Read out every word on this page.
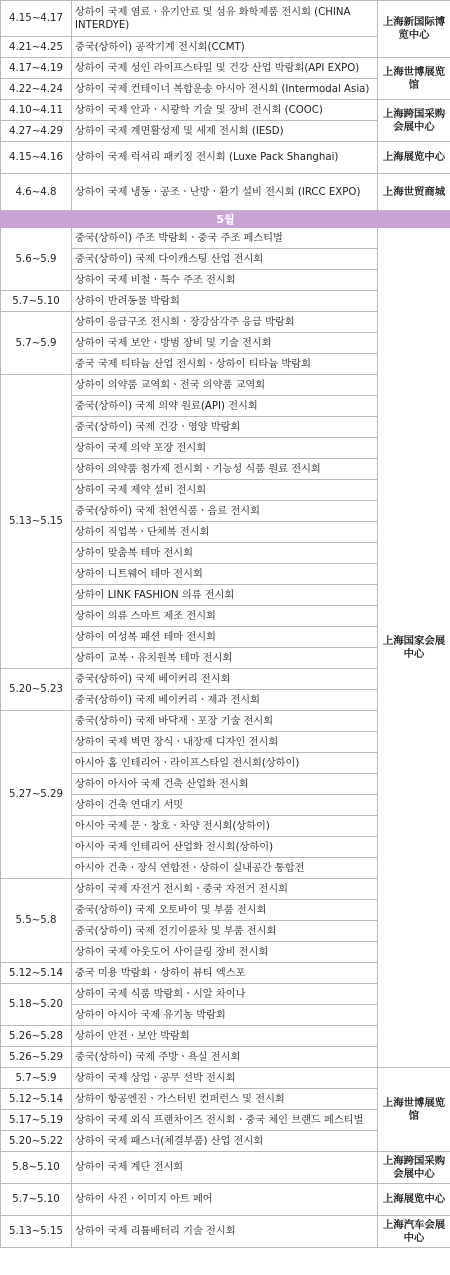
4.15~4.17	상하이 국제 염료ㆍ유기안료 및 섬유 화학제품 전시회 (CHINA INTERDYE)	上海新国际博览中心	
4.21~4.25	중국(상하이) 공작기계 전시회(CCMT)		
4.17~4.19	상하이 국제 성인 라이프스타일 및 건강 산업 박람회(API EXPO)	上海世博展览馆	
4.22~4.24	상하이 국제 컨테이너 복합운송 아시아 전시회 (Intermodal Asia)		
4.10~4.11	상하이 국제 안과ㆍ시광학 기술 및 장비 전시회 (COOC)	上海跨国采购会展中心	
4.27~4.29	상하이 국제 계면활성제 및 세제 전시회 (IESD)		
4.15~4.16	상하이 국제 럭셔리 패키징 전시회 (Luxe Pack Shanghai)	上海展览中心	
4.6~4.8	상하이 국제 냉동ㆍ공조ㆍ난방ㆍ환기 설비 전시회 (IRCC EXPO)	上海世贸商城	
5월			
5.6~5.9	중국(상하이) 주조 박람회ㆍ중국 주조 페스티벌	上海国家会展中心	
	중국(상하이) 국제 다이캐스팅 산업 전시회		
	상하이 국제 비철ㆍ특수 주조 전시회		
5.7~5.10	상하이 반려동물 박람회		
5.7~5.9	상하이 응급구조 전시회ㆍ장강삼각주 응급 박람회		
	상하이 국제 보안ㆍ방범 장비 및 기술 전시회		
	중국 국제 티타늄 산업 전시회ㆍ상하이 티타늄 박람회		
5.13~5.15	상하이 의약품 교역회ㆍ전국 의약품 교역회		
	중국(상하이) 국제 의약 원료(API) 전시회		
	중국(상하이) 국제 건강ㆍ영양 박람회		
	상하이 국제 의약 포장 전시회		
	상하이 의약품 첨가제 전시회ㆍ기능성 식품 원료 전시회		
	상하이 국제 제약 설비 전시회		
	중국(상하이) 국제 천연식품ㆍ음료 전시회		
	상하이 직업복ㆍ단체복 전시회		
	상하이 맞춤복 테마 전시회		
	상하이 니트웨어 테마 전시회		
	상하이 LINK FASHION 의류 전시회		
	상하이 의류 스마트 제조 전시회		
	상하이 여성복 패션 테마 전시회		
	상하이 교복ㆍ유치원복 테마 전시회		
5.20~5.23	중국(상하이) 국제 베이커리 전시회		
	중국(상하이) 국제 베이커리ㆍ제과 전시회		
5.27~5.29	중국(상하이) 국제 바닥재ㆍ포장 기술 전시회		
	상하이 국제 벽면 장식ㆍ내장재 디자인 전시회		
	아시아 홈 인테리어ㆍ라이프스타일 전시회(상하이)		
	상하이 아시아 국제 건축 산업화 전시회		
	상하이 건축 연대기 서밋		
	아시아 국제 문ㆍ창호ㆍ차양 전시회(상하이)		
	아시아 국제 인테리어 산업화 전시회(상하이)		
	아시아 건축ㆍ장식 연합전ㆍ상하이 실내공간 통합전		
5.5~5.8	상하이 국제 자전거 전시회ㆍ중국 자전거 전시회	
	중국(상하이) 국제 오토바이 및 부품 전시회		
	중국(상하이) 국제 전기이륜차 및 부품 전시회		
	상하이 국제 아웃도어 사이클링 장비 전시회		
5.12~5.14	중국 미용 박람회ㆍ상하이 뷰티 엑스포		
5.18~5.20	상하이 국제 식품 박람회ㆍ시알 차이나		
	상하이 아시아 국제 유기농 박람회		
5.26~5.28	상하이 안전ㆍ보안 박람회		
5.26~5.29	중국(상하이) 국제 주방ㆍ욕실 전시회		
5.7~5.9	상하이 국제 상업ㆍ공무 선박 전시회	上海世博展览馆	
5.12~5.14	상하이 항공엔진ㆍ가스터빈 컨퍼런스 및 전시회		
5.17~5.19	상하이 국제 외식 프랜차이즈 전시회ㆍ중국 체인 브랜드 페스티벌		
5.20~5.22	상하이 국제 패스너(체결부품) 산업 전시회		
5.8~5.10	상하이 국제 계단 전시회	上海跨国采购会展中心	
5.7~5.10	상하이 사진ㆍ이미지 아트 페어	上海展览中心	
5.13~5.15	상하이 국제 리튬배터리 기술 전시회	上海汽车会展中心	
